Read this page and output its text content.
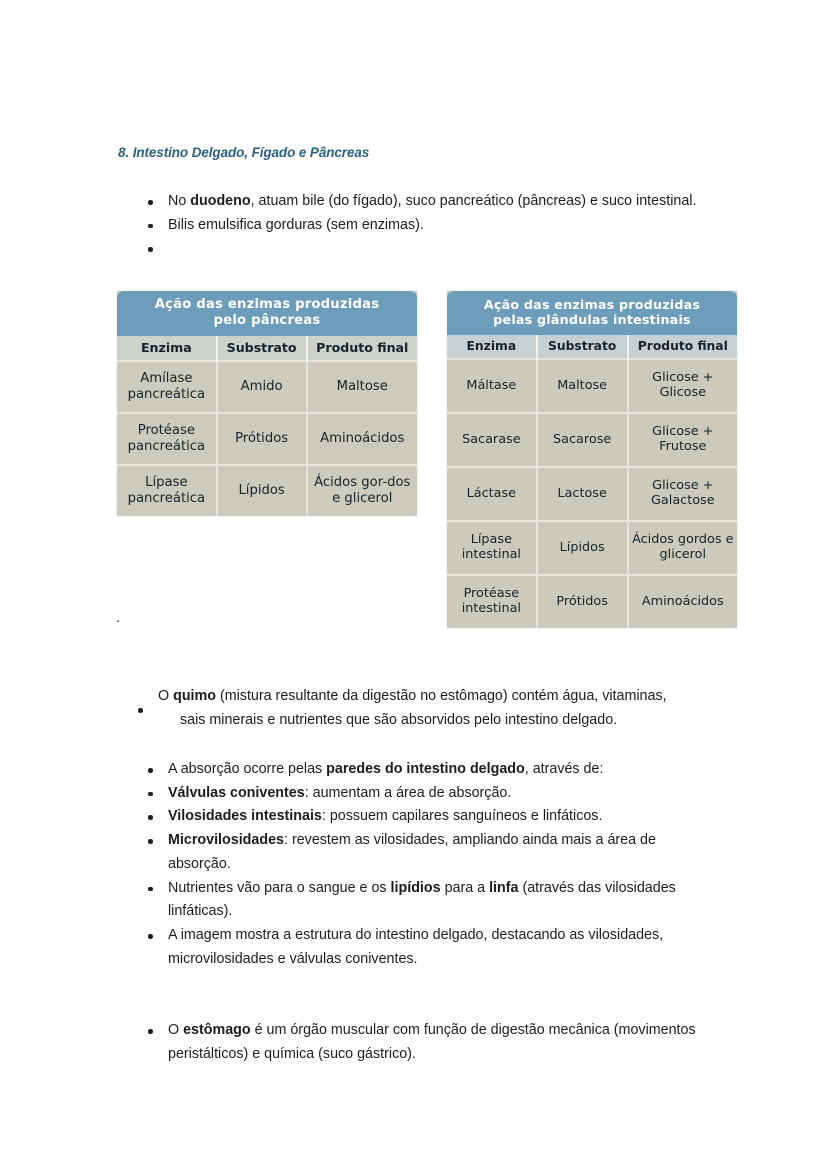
8. Intestino Delgado, Fígado e Pâncreas
No duodeno, atuam bile (do fígado), suco pancreático (pâncreas) e suco intestinal.
Bilis emulsifica gorduras (sem enzimas).
Ação das enzimas produzidas
pelo pâncreas		
Enzima	Substrato	Produto final
Amílase pancreática	Amido	Maltose
Protéase pancreática	Prótidos	Aminoácidos
Lípase pancreática	Lípidos	Ácidos gor-dos e glicerol
Ação das enzimas produzidas
pelas glândulas intestinais		
Enzima	Substrato	Produto final
Máltase	Maltose	Glicose + Glicose
Sacarase	Sacarose	Glicose + Frutose
Láctase	Lactose	Glicose + Galactose
Lípase intestinal	Lípidos	Ácidos gordos e glicerol
Protéase intestinal	Prótidos	Aminoácidos
.
O quimo (mistura resultante da digestão no estômago) contém água, vitaminas,sais minerais e nutrientes que são absorvidos pelo intestino delgado.
A absorção ocorre pelas paredes do intestino delgado, através de:
Válvulas coniventes: aumentam a área de absorção.
Vilosidades intestinais: possuem capilares sanguíneos e linfáticos.
Microvilosidades: revestem as vilosidades, ampliando ainda mais a área de absorção.
Nutrientes vão para o sangue e os lipídios para a linfa (através das vilosidades linfáticas).
A imagem mostra a estrutura do intestino delgado, destacando as vilosidades, microvilosidades e válvulas coniventes.
O estômago é um órgão muscular com função de digestão mecânica (movimentos peristálticos) e química (suco gástrico).
